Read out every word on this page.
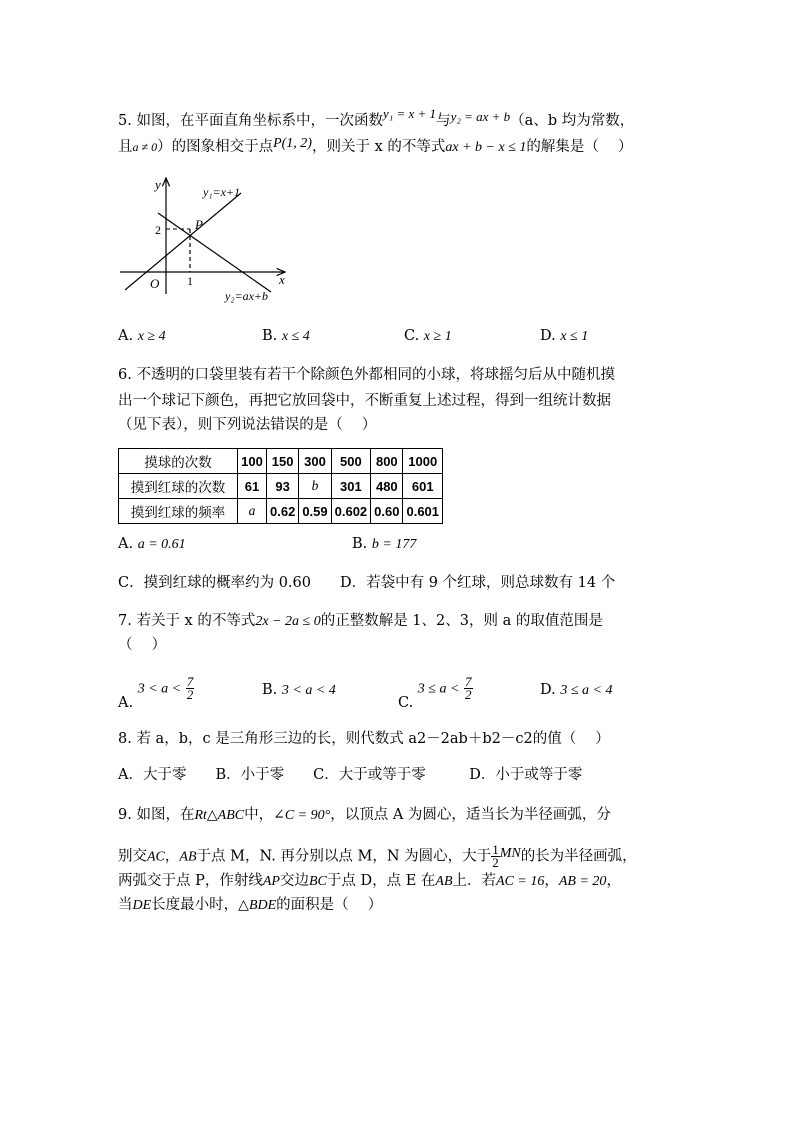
5. 如图，在平面直角坐标系中，一次函数y₁ = x + 1与y₂ = ax + b（a、b 均为常数，
且a ≠ 0）的图象相交于点P(1, 2)，则关于 x 的不等式ax + b − x ≤ 1的解集是（　 ）
y
x
O 1
2	P
y₁=x+1
y₂=ax+b
A. x ≥ 4	B. x ≤ 4	C. x ≥ 1	D. x ≤ 1
6. 不透明的口袋里装有若干个除颜色外都相同的小球，将球摇匀后从中随机摸
出一个球记下颜色，再把它放回袋中，不断重复上述过程，得到一组统计数据
（见下表），则下列说法错误的是（　 ）
摸球的次数	100	150	300	500	800	1000
摸到红球的次数	61	93	b	301	480	601
摸到红球的频率	a	0.62	0.59	0.602	0.60	0.601
A. a = 0.61	B. b = 177
C．摸到红球的概率约为 0.60　　D．若袋中有 9 个红球，则总球数有 14 个
7. 若关于 x 的不等式2x − 2a ≤ 0的正整数解是 1、2、3，则 a 的取值范围是
（　 ）
A. $3 < a < \frac{7}{2}$	B. 3 < a < 4
C. $3 \le a < \frac{7}{2}$	D. 3 ≤ a < 4
8. 若 a，b，c 是三角形三边的长，则代数式 a2－2ab＋b2－c2的值（　 ）
A．大于零　　B．小于零　　C．大于或等于零　　　D．小于或等于零
9. 如图，在Rt△ABC中，∠C = 90°，以顶点 A 为圆心，适当长为半径画弧，分
别交AC，AB于点 M，N. 再分别以点 M，N 为圆心，大于 $\frac{1}{2}$ MN的长为半径画弧，
两弧交于点 P，作射线AP交边BC于点 D，点 E 在AB上．若AC = 16，AB = 20，
当DE长度最小时，△BDE的面积是（　 ）
